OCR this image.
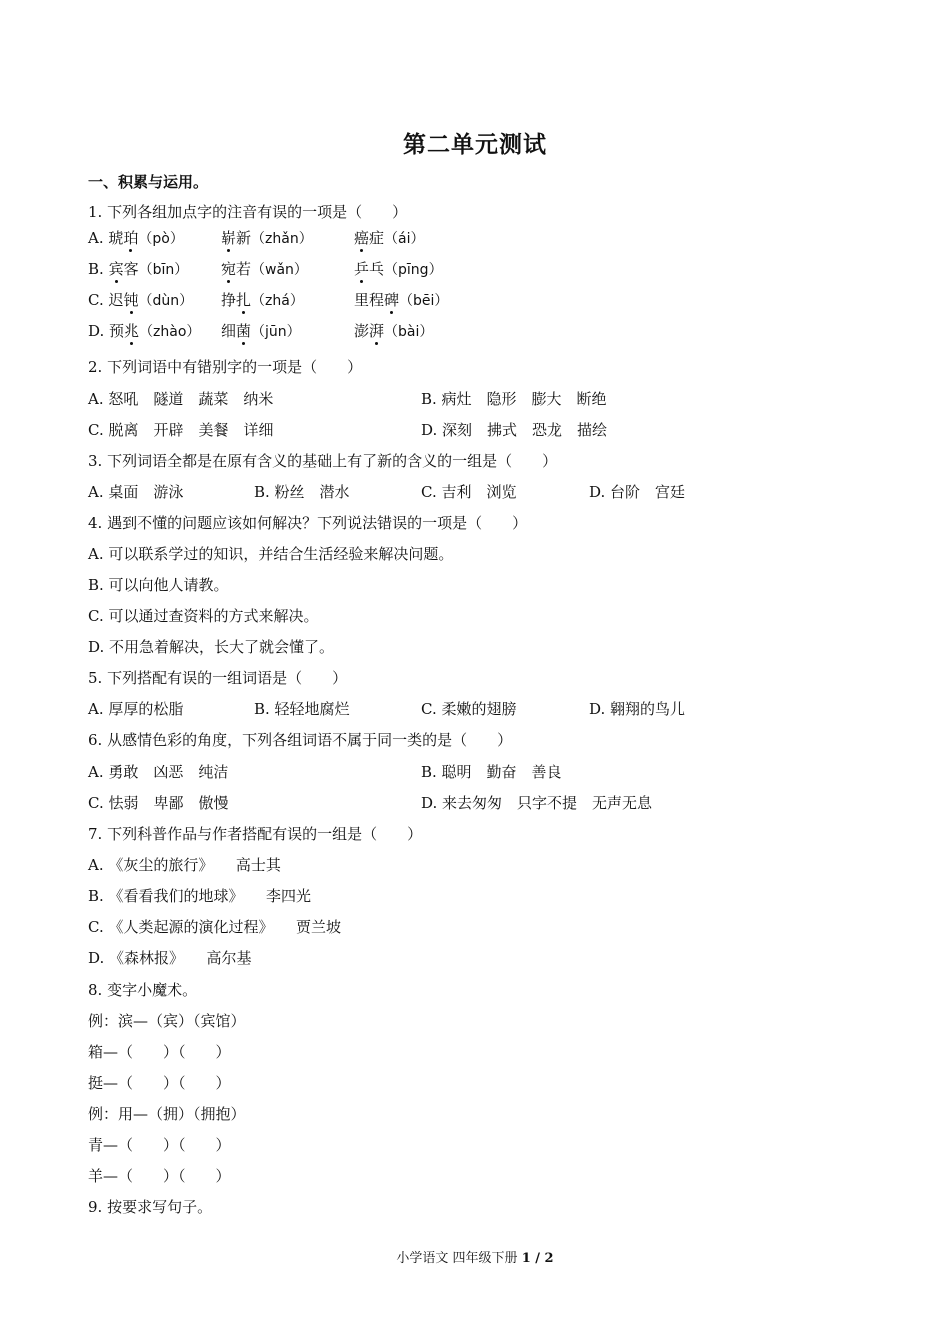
第二单元测试
一、积累与运用。
1. 下列各组加点字的注音有误的一项是（　　）
A. 琥珀（pò） 崭新（zhǎn）	癌症（ái）
B. 宾客（bīn） 宛若（wǎn）	乒乓（pīng）
C. 迟钝（dùn） 挣扎（zhá）	里程碑（bēi）
D. 预兆（zhào） 细菌（jūn）	澎湃（bài）
2. 下列词语中有错别字的一项是（　　）
A. 怒吼　隧道　蔬菜　纳米	B. 病灶　隐形　膨大　断绝
C. 脱离　开辟　美餐　详细	D. 深刻　拂式　恐龙　描绘
3. 下列词语全都是在原有含义的基础上有了新的含义的一组是（　　）
A. 桌面　游泳	B. 粉丝　潜水	C. 吉利　浏览	D. 台阶　宫廷
4. 遇到不懂的问题应该如何解决？下列说法错误的一项是（　　）
A. 可以联系学过的知识，并结合生活经验来解决问题。
B. 可以向他人请教。
C. 可以通过查资料的方式来解决。
D. 不用急着解决，长大了就会懂了。
5. 下列搭配有误的一组词语是（　　）
A. 厚厚的松脂	B. 轻轻地腐烂	C. 柔嫩的翅膀	D. 翱翔的鸟儿
6. 从感情色彩的角度，下列各组词语不属于同一类的是（　　）
A. 勇敢　凶恶　纯洁	B. 聪明　勤奋　善良
C. 怯弱　卑鄙　傲慢	D. 来去匆匆　只字不提　无声无息
7. 下列科普作品与作者搭配有误的一组是（　　）
A. 《灰尘的旅行》　　高士其
B. 《看看我们的地球》　　李四光
C. 《人类起源的演化过程》　　贾兰坡
D. 《森林报》　　高尔基
8. 变字小魔术。
例：滨—（宾）（宾馆）
箱—（　　）（　　）
挺—（　　）（　　）
例：用—（拥）（拥抱）
青—（　　）（　　）
羊—（　　）（　　）
9. 按要求写句子。
小学语文 四年级下册 1 / 2
